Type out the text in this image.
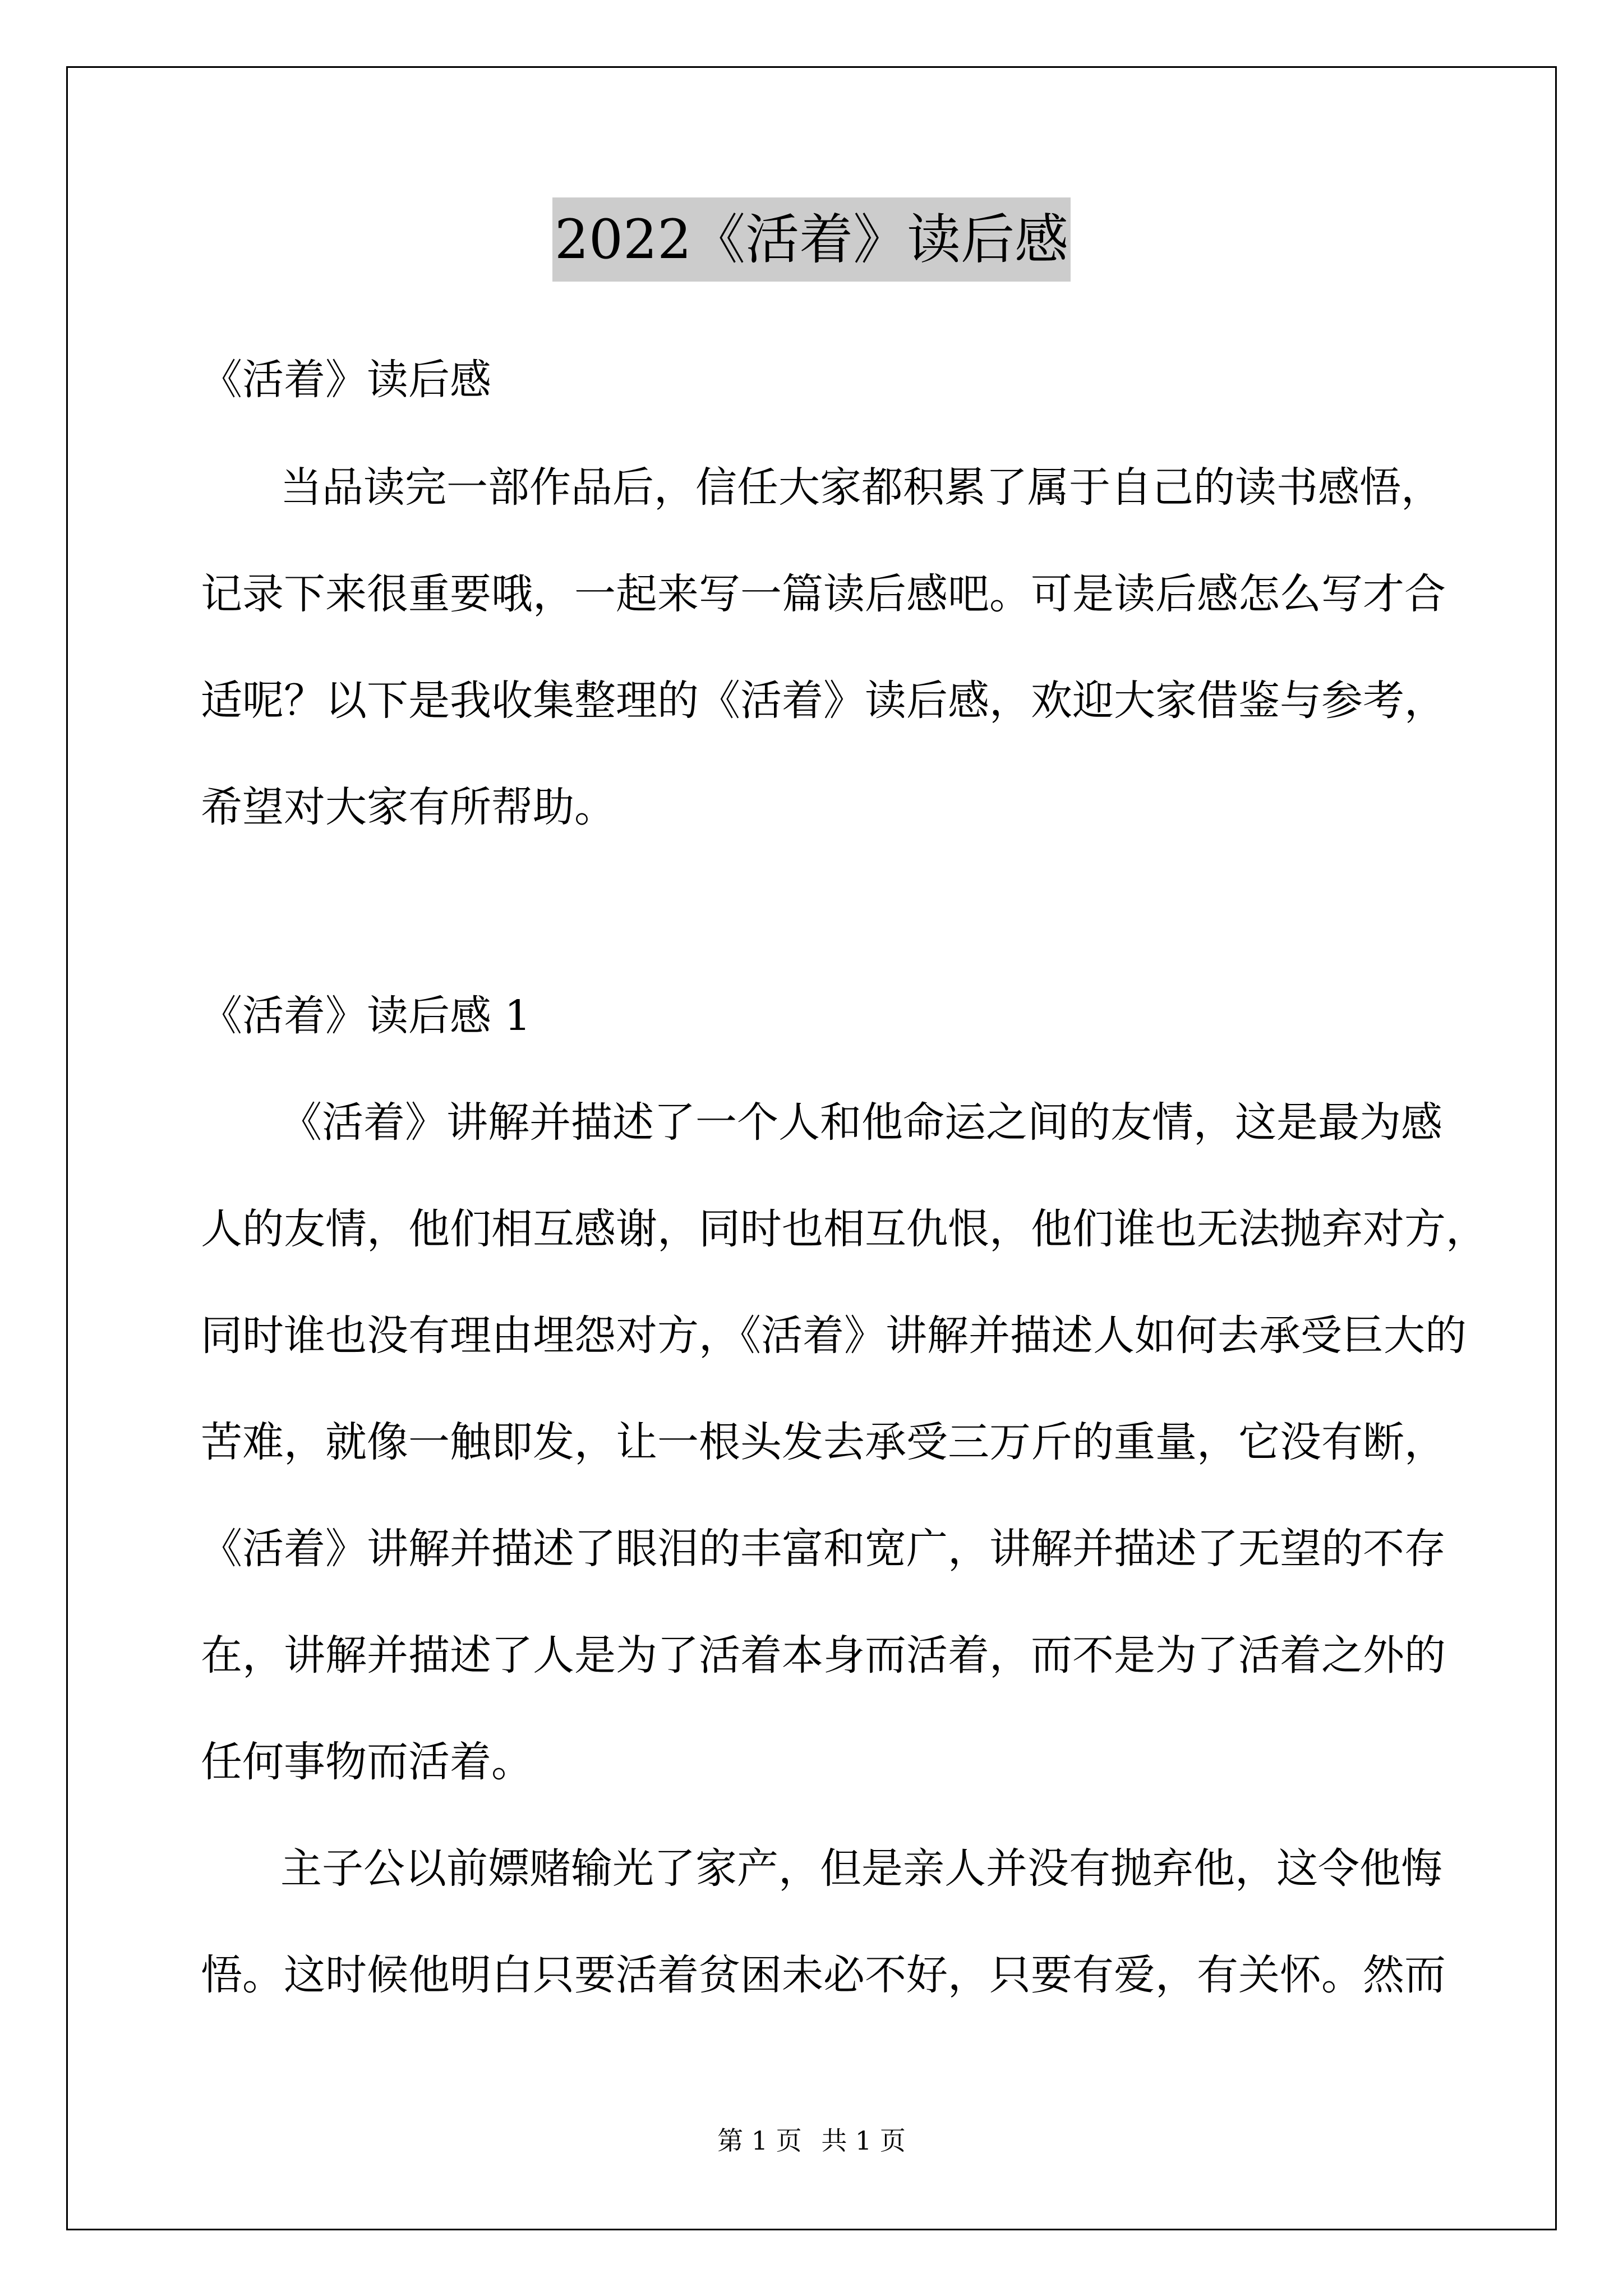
2022《活着》读后感
《活着》读后感
当品读完一部作品后，信任大家都积累了属于自己的读书感悟，
记录下来很重要哦，一起来写一篇读后感吧。可是读后感怎么写才合
适呢？以下是我收集整理的《活着》读后感，欢迎大家借鉴与参考，
希望对大家有所帮助。
《活着》读后感 1
《活着》讲解并描述了一个人和他命运之间的友情，这是最为感
人的友情，他们相互感谢，同时也相互仇恨，他们谁也无法抛弃对方，
同时谁也没有理由埋怨对方，《活着》讲解并描述人如何去承受巨大的
苦难，就像一触即发，让一根头发去承受三万斤的重量，它没有断，
《活着》讲解并描述了眼泪的丰富和宽广，讲解并描述了无望的不存
在，讲解并描述了人是为了活着本身而活着，而不是为了活着之外的
任何事物而活着。
主子公以前嫖赌输光了家产，但是亲人并没有抛弃他，这令他悔
悟。这时候他明白只要活着贫困未必不好，只要有爱，有关怀。然而
第 1 页 共 1 页
